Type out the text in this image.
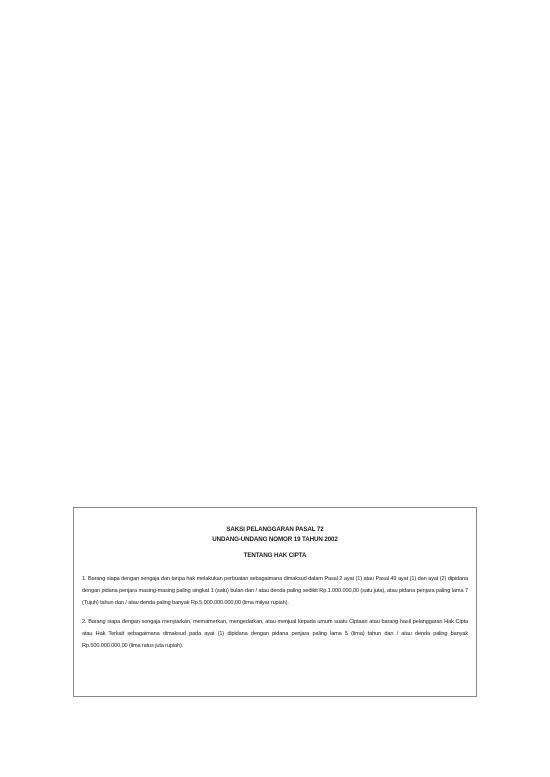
SAKSI PELANGGARAN PASAL 72

UNDANG-UNDANG NOMOR 19 TAHUN 2002

TENTANG HAK CIPTA

1. Barang siapa dengan sengaja dan tanpa hak melakukan perbuatan sebagaimana dimaksud dalam Pasal 2 ayat (1) atau Pasal 49 ayat (1) dan ayat (2) dipidana dengan pidana penjara masing-masing paling singkat 1 (satu) bulan dan / atau denda paling sedikit Rp.1.000.000,00 (satu juta), atau pidana penjara paling lama 7 (Tujuh) tahun dan / atau denda paling banyak Rp.5.000.000.000,00 (lima milyar rupiah).

2. Barang siapa dengan sengaja menyiarkan, memamerkan, mengedarkan, atau menjual kepada umum suatu Ciptaan atau barang hasil pelanggaran Hak Cipta atau Hak Terkait sebagaimana dimaksud pada ayat (1) dipidana dengan pidana penjara paling lama 5 (lima) tahun dan / atau denda paling banyak Rp.500.000.000,00 (lima ratus juta rupiah).
